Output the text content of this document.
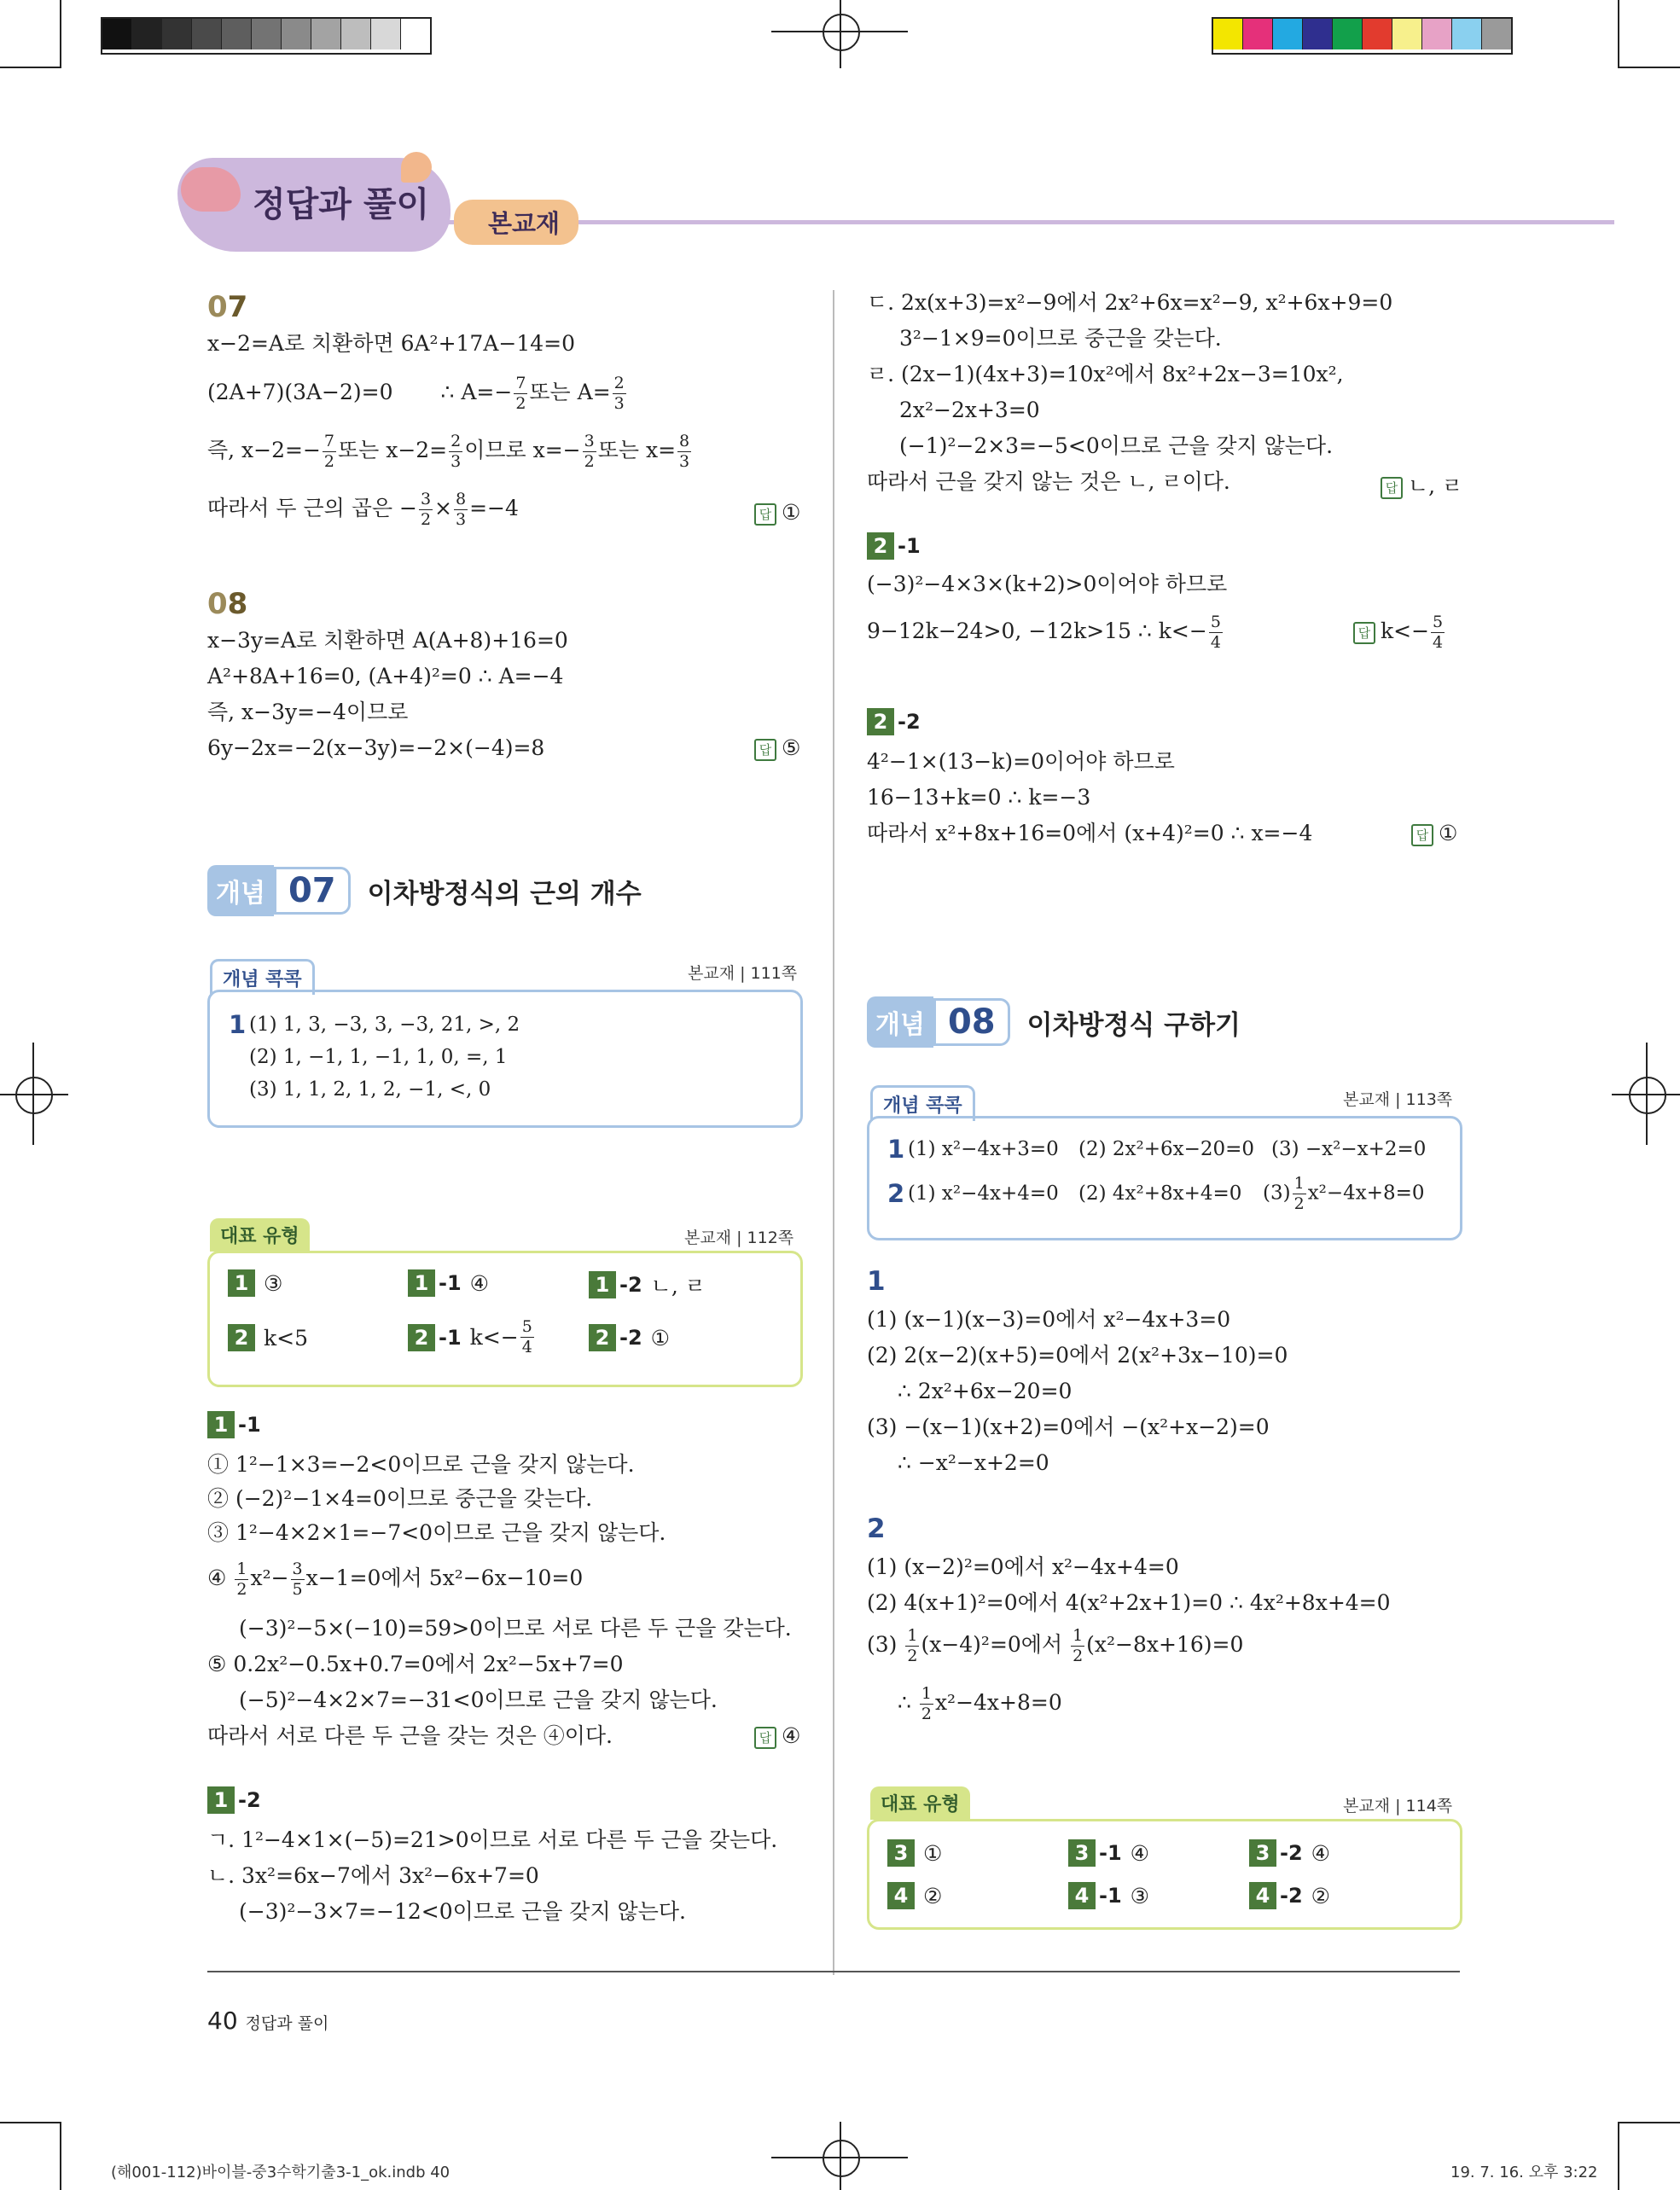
정답과 풀이	본교재
07
x−2=A로 치환하면 6A²+17A−14=0
(2A+7)(3A−2)=0 ∴ $A=- \frac{7}{2}$ 또는 $A= \frac{2}{3}$
즉, $x-2=- \frac{7}{2}$ 또는 $x-2= \frac{2}{3}$ 이므로 $x=- \frac{3}{2}$ 또는 $x= \frac{8}{3}$
따라서 두 근의 곱은 − $\frac{3}{2} \times \frac{8}{3} =-4$	답 ①
08
x−3y=A로 치환하면 A(A+8)+16=0
A²+8A+16=0, (A+4)²=0 ∴ A=−4
즉, x−3y=−4이므로
6y−2x=−2(x−3y)=−2×(−4)=8	답 ⑤
개념 07	이차방정식의 근의 개수
개념 콕콕	본교재 | 111쪽
1 (1) 1, 3, −3, 3, −3, 21, >, 2
(2) 1, −1, 1, −1, 1, 0, =, 1
(3) 1, 1, 2, 1, 2, −1, <, 0
대표 유형	본교재 | 112쪽
1 ③	1 -1 ④	1 -2 ㄴ, ㄹ
2 k<5	2 -1 $k<- \frac{5}{4}$	2 -2 ①
1 -1
① 1²−1×3=−2<0이므로 근을 갖지 않는다.
② (−2)²−1×4=0이므로 중근을 갖는다.
③ 1²−4×2×1=−7<0이므로 근을 갖지 않는다.
④ $\frac{1}{2} x^2- \frac{3}{5} x-1=0$에서 5x²−6x−10=0
(−3)²−5×(−10)=59>0이므로 서로 다른 두 근을 갖는다.
⑤ 0.2x²−0.5x+0.7=0에서 2x²−5x+7=0
(−5)²−4×2×7=−31<0이므로 근을 갖지 않는다.
따라서 서로 다른 두 근을 갖는 것은 ④이다.	답 ④
1 -2
ㄱ. 1²−4×1×(−5)=21>0이므로 서로 다른 두 근을 갖는다.
ㄴ. 3x²=6x−7에서 3x²−6x+7=0
(−3)²−3×7=−12<0이므로 근을 갖지 않는다.
ㄷ. 2x(x+3)=x²−9에서 2x²+6x=x²−9, x²+6x+9=0
3²−1×9=0이므로 중근을 갖는다.
ㄹ. (2x−1)(4x+3)=10x²에서 8x²+2x−3=10x²,
2x²−2x+3=0
(−1)²−2×3=−5<0이므로 근을 갖지 않는다.
따라서 근을 갖지 않는 것은 ㄴ, ㄹ이다.	답 ㄴ, ㄹ
2 -1
(−3)²−4×3×(k+2)>0이어야 하므로
9−12k−24>0, −12k>15 ∴ $k<- \frac{5}{4}$	답 $k<- \frac{5}{4}$
2 -2
4²−1×(13−k)=0이어야 하므로
16−13+k=0 ∴ k=−3
따라서 x²+8x+16=0에서 (x+4)²=0 ∴ x=−4	답 ①
개념 08	이차방정식 구하기
개념 콕콕	본교재 | 113쪽
1 (1) x²−4x+3=0 (2) 2x²+6x−20=0 (3) −x²−x+2=0
2 (1) x²−4x+4=0 (2) 4x²+8x+4=0 $(3) \frac{1}{2} x^2-4x+8=0$
1
(1) (x−1)(x−3)=0에서 x²−4x+3=0
(2) 2(x−2)(x+5)=0에서 2(x²+3x−10)=0
∴ 2x²+6x−20=0
(3) −(x−1)(x+2)=0에서 −(x²+x−2)=0
∴ −x²−x+2=0
2
(1) (x−2)²=0에서 x²−4x+4=0
(2) 4(x+1)²=0에서 4(x²+2x+1)=0 ∴ 4x²+8x+4=0
$(3) \frac{1}{2} (x-4)^2=0$에서 $\frac{1}{2} (x^2-8x+16)=0$
∴ $\frac{1}{2} x^2-4x+8=0$
대표 유형	본교재 | 114쪽
3 ①	3 -1 ④	3 -2 ④
4 ②	4 -1 ③	4 -2 ②
40 정답과 풀이
(해001-112)바이블-중3수학기출3-1_ok.indb 40	19. 7. 16. 오후 3:22
